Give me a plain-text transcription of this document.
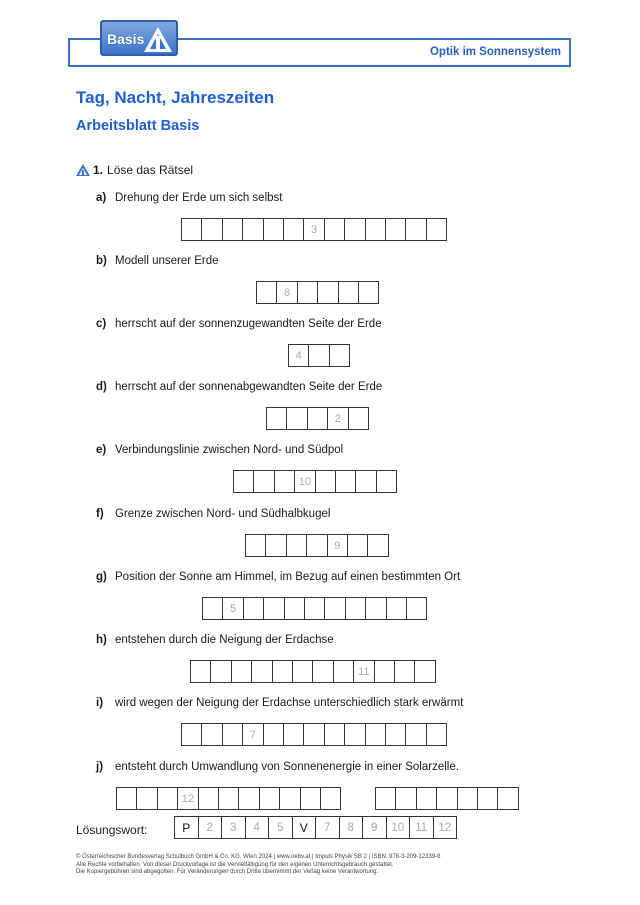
Optik im Sonnensystem
Basis
Tag, Nacht, Jahreszeiten
Arbeitsblatt Basis
1. Löse das Rätsel
a) Drehung der Erde um sich selbst
3
b) Modell unserer Erde
8
c) herrscht auf der sonnenzugewandten Seite der Erde
4
d) herrscht auf der sonnenabgewandten Seite der Erde
2
e) Verbindungslinie zwischen Nord- und Südpol
10
f) Grenze zwischen Nord- und Südhalbkugel
9
g) Position der Sonne am Himmel, im Bezug auf einen bestimmten Ort
5
h) entstehen durch die Neigung der Erdachse
11
i)	wird wegen der Neigung der Erdachse unterschiedlich stark erwärmt
7
j)	entsteht durch Umwandlung von Sonnenenergie in einer Solarzelle.
12
Lösungswort:	P	2	3	4	5	V	7	8	9	10 11 12
© Österreichischer Bundesverlag Schulbuch GmbH & Co. KG, Wien 2024 | www.oebv.at | Impuls Physik SB 2 | ISBN: 978-3-209-12339-8
Alle Rechte vorbehalten. Von dieser Druckvorlage ist die Vervielfältigung für den eigenen Unterrichtsgebrauch gestattet.
Die Kopiergebühren sind abgegolten. Für Veränderungen durch Dritte übernimmt der Verlag keine Verantwortung.
